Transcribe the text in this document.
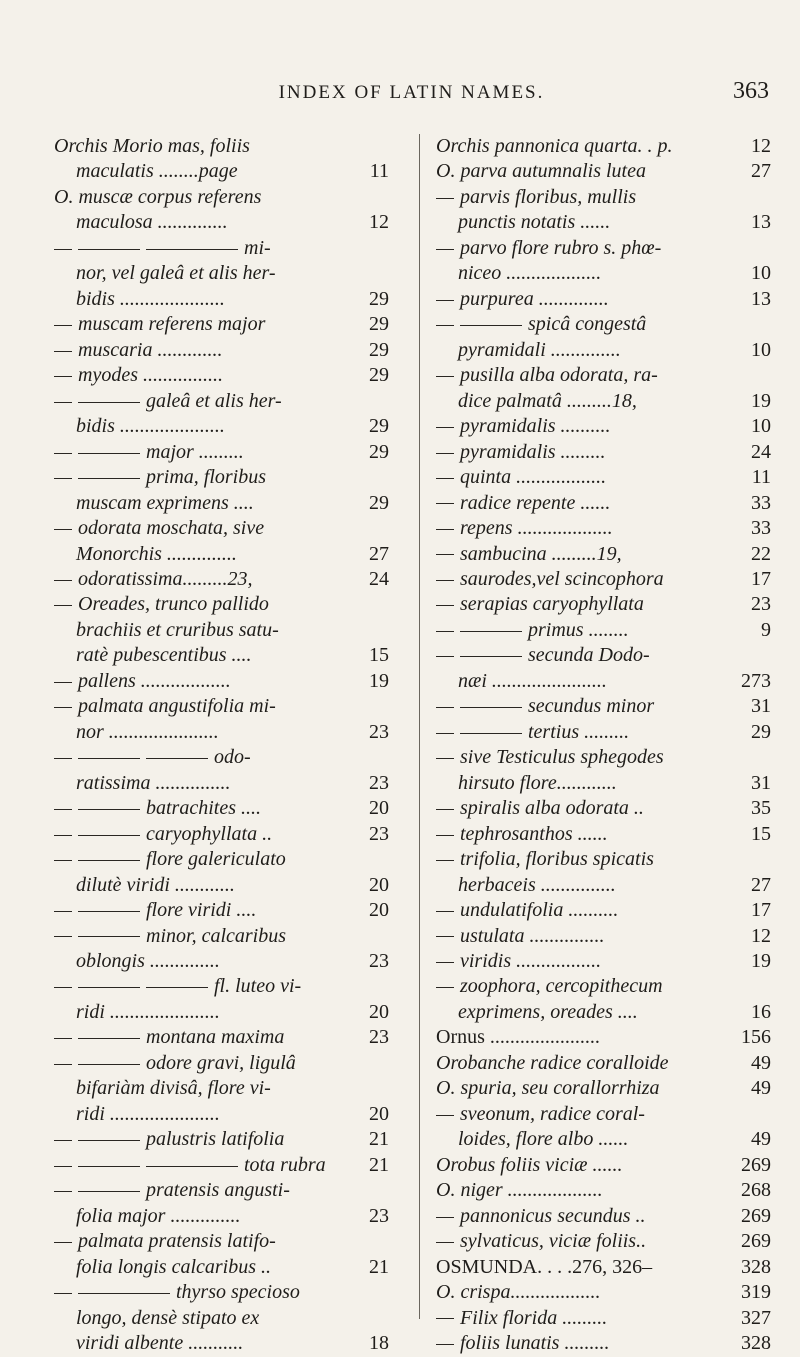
INDEX OF LATIN NAMES.	363
Orchis Morio mas, foliis
maculatis ........page	11
O. muscæ corpus referens
maculosa ..............	12
mi-
nor, vel galeâ et alis her-
bidis .....................	29
muscam referens major	29
muscaria .............	29
myodes ................	29
galeâ et alis her-
bidis .....................	29
major .........	29
prima, floribus
muscam exprimens ....	29
odorata moschata, sive
Monorchis ..............	27
odoratissima.........23,	24
Oreades, trunco pallido
brachiis et cruribus satu-
ratè pubescentibus ....	15
pallens ..................	19
palmata angustifolia mi-
nor ......................	23
odo-
ratissima ...............	23
batrachites ....	20
caryophyllata ..	23
flore galericulato
dilutè viridi ............	20
flore viridi ....	20
minor, calcaribus
oblongis ..............	23
fl. luteo vi-
ridi ......................	20
montana maxima	23
odore gravi, ligulâ
bifariàm divisâ, flore vi-
ridi ......................	20
palustris latifolia	21
tota rubra 21
pratensis angusti-
folia major ..............	23
palmata pratensis latifo-
folia longis calcaribus ..	21
thyrso specioso
longo, densè stipato ex
viridi albente ...........	18
Orchis pannonica quarta. . p.	12
O. parva autumnalis lutea	27
parvis floribus, mullis
punctis notatis ......	13
parvo flore rubro s. phœ-
niceo ...................	10
purpurea ..............	13
spicâ congestâ
pyramidali ..............	10
pusilla alba odorata, ra-
dice palmatâ .........18,	19
pyramidalis ..........	10
pyramidalis .........	24
quinta ..................	11
radice repente ......	33
repens ...................	33
sambucina .........19,	22
saurodes,vel scincophora	17
serapias caryophyllata	23
primus ........	9
secunda Dodo-
næi .......................	273
secundus minor	31
tertius .........	29
sive Testiculus sphegodes
hirsuto flore............	31
spiralis alba odorata ..	35
tephrosanthos ......	15
trifolia, floribus spicatis
herbaceis ...............	27
undulatifolia ..........	17
ustulata ...............	12
viridis .................	19
zoophora, cercopithecum
exprimens, oreades ....	16
Ornus ......................	156
Orobanche radice coralloide	49
O. spuria, seu corallorrhiza	49
sveonum, radice coral-
loides, flore albo ......	49
Orobus foliis viciæ ......	269
O. niger ...................	268
pannonicus secundus ..	269
sylvaticus, viciæ foliis..	269
OSMUNDA. . . .276, 326–	328
O. crispa..................	319
Filix florida .........	327
foliis lunatis .........	328
